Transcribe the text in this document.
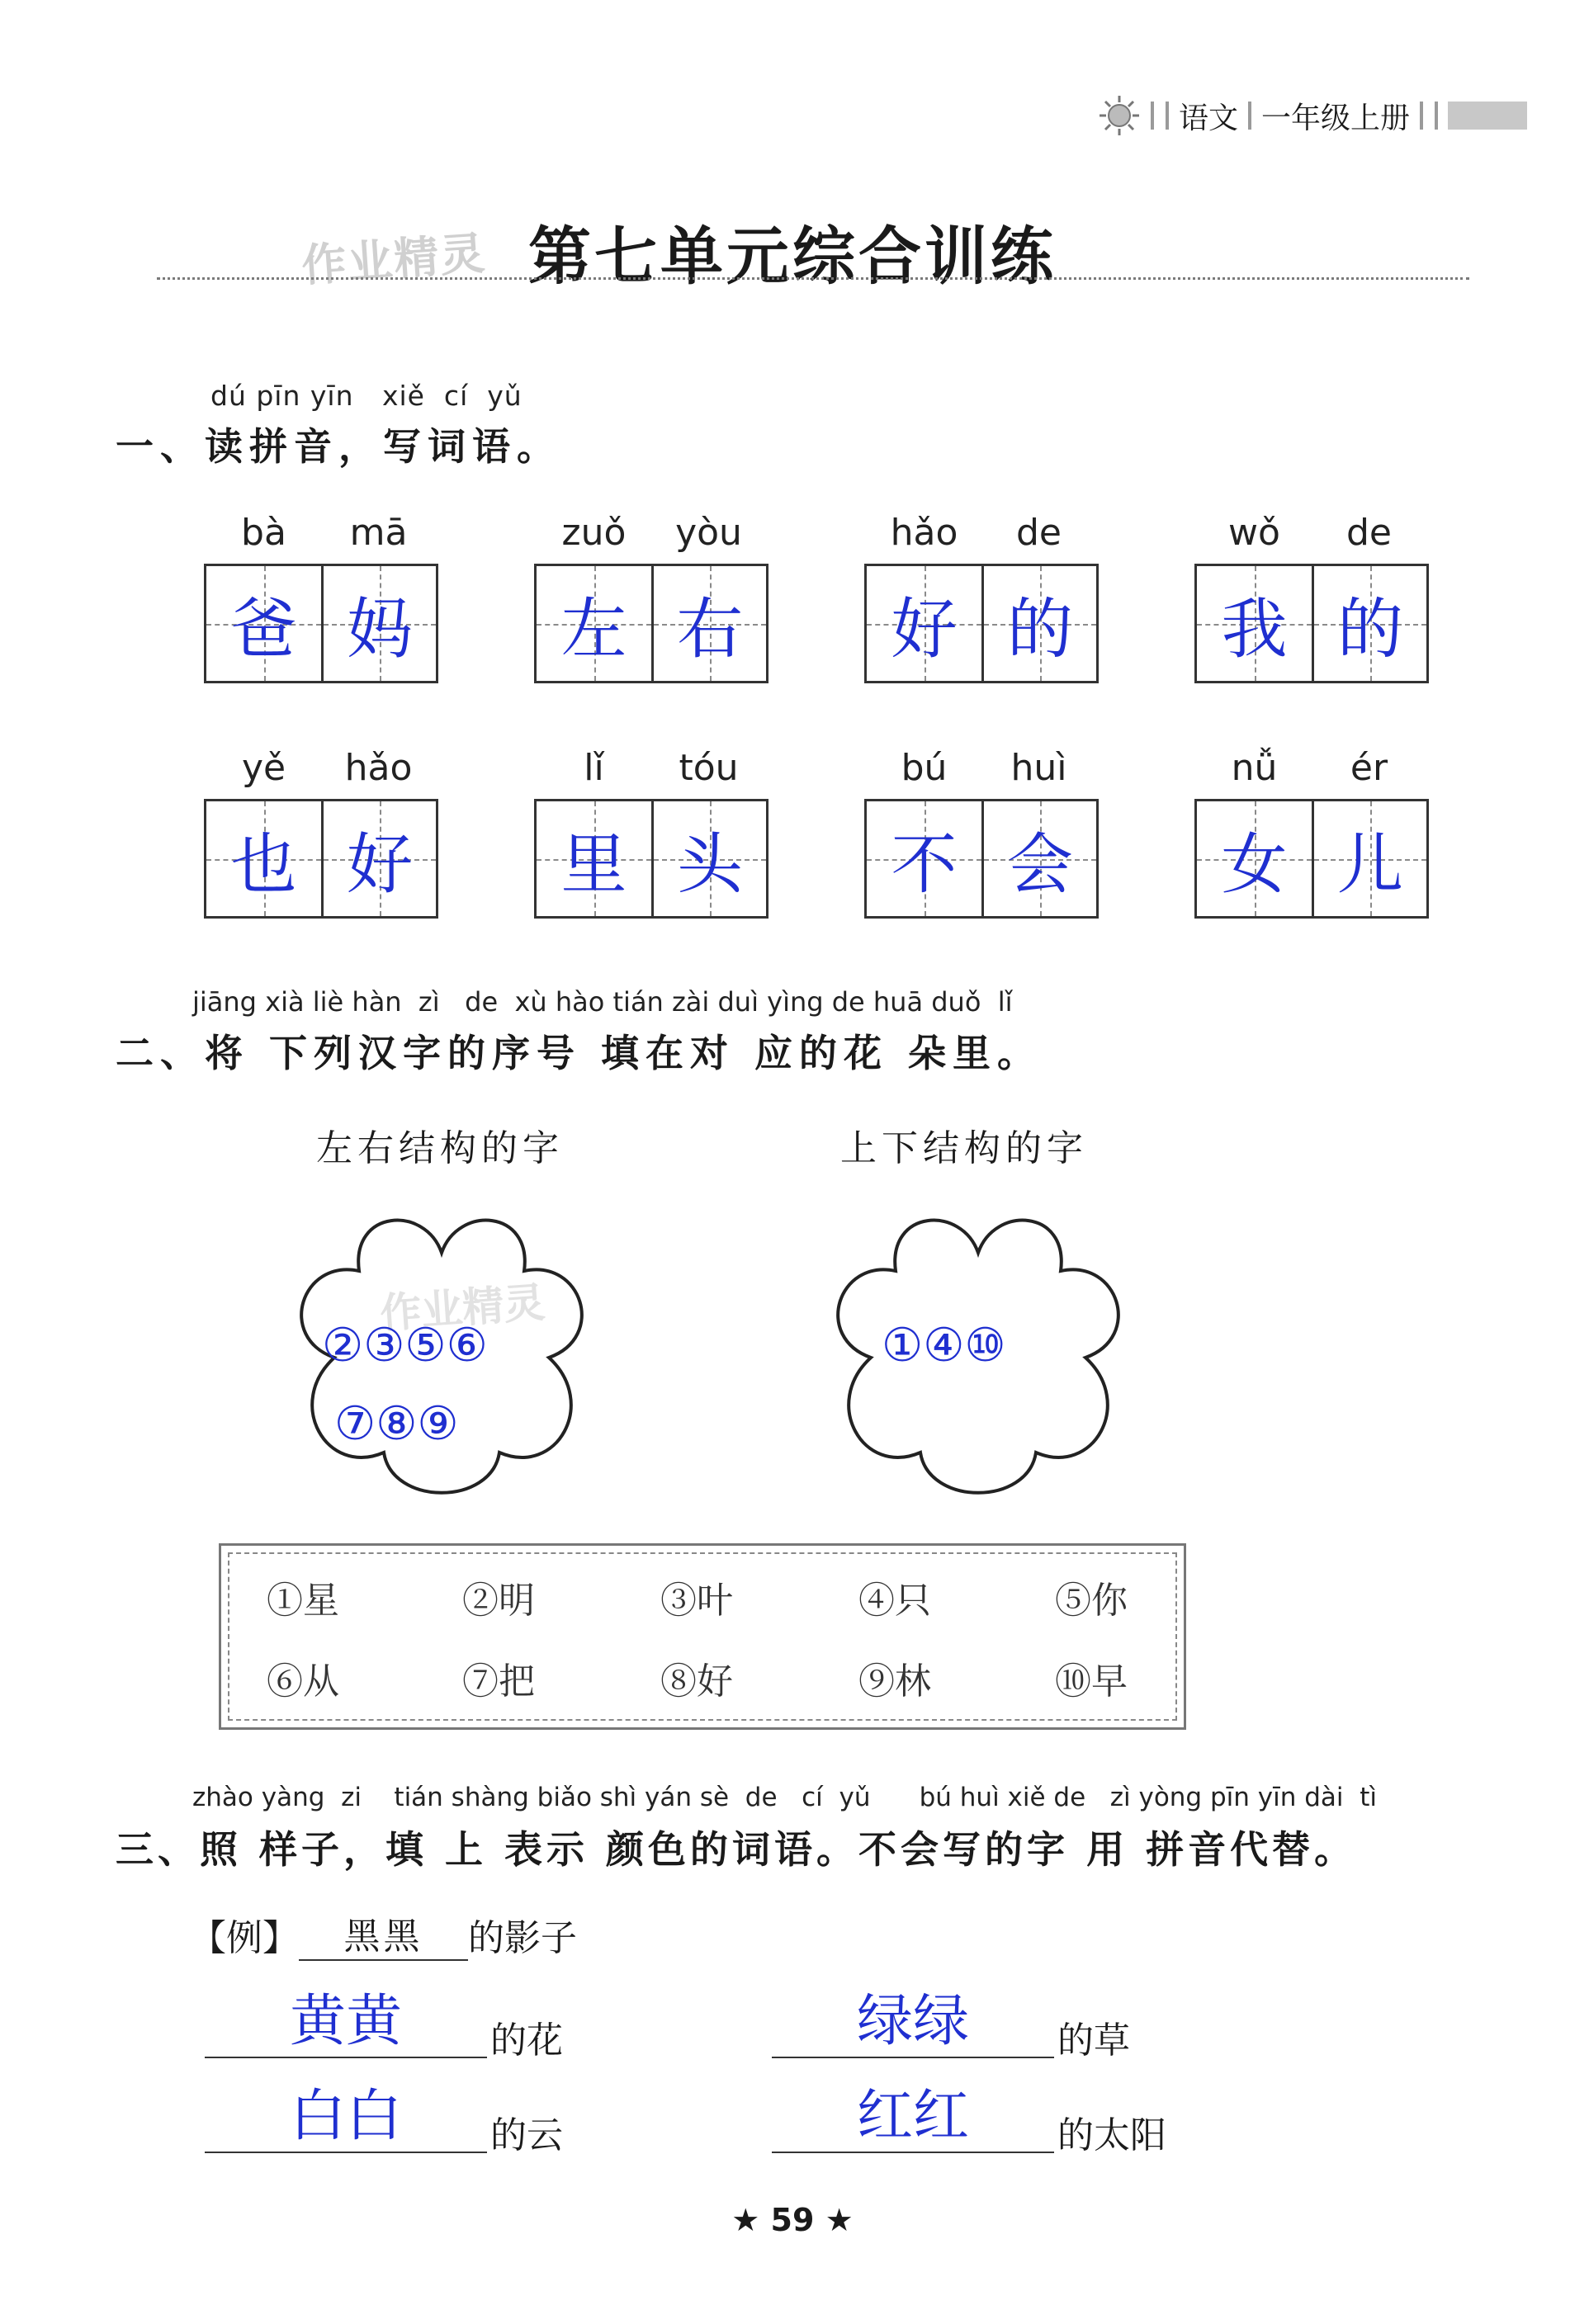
语文 一年级上册
作业精灵 第七单元综合训练
dú pīn yīn   xiě  cí  yǔ
一、读拼音，写词语。
bà	mā
爸 妈
zuǒ	yòu
左 右
hǎo	de
好 的
wǒ	de
我 的
yě	hǎo
也 好
lǐ	tóu
里 头
bú	huì
不 会
nǚ	ér
女 儿
jiāng xià liè hàn  zì   de  xù hào tián zài duì yìng de huā duǒ  lǐ
二、将 下列汉字的序号 填在对 应的花 朵里。
左右结构的字	上下结构的字
作业精灵
②③⑤⑥
⑦⑧⑨
①④⑩
①星	②明	③叶	④只	⑤你
⑥从	⑦把	⑧好	⑨林	⑩早
zhào yàng  zi    tián shàng biǎo shì yán sè  de   cí  yǔ      bú huì xiě de   zì yòng pīn yīn dài  tì
三、照 样子，填 上 表示 颜色的词语。不会写的字 用 拼音代替。
【例】	黑黑	的影子
黄黄	的花	绿绿	的草
白白	的云	红红	的太阳
★ 59 ★
